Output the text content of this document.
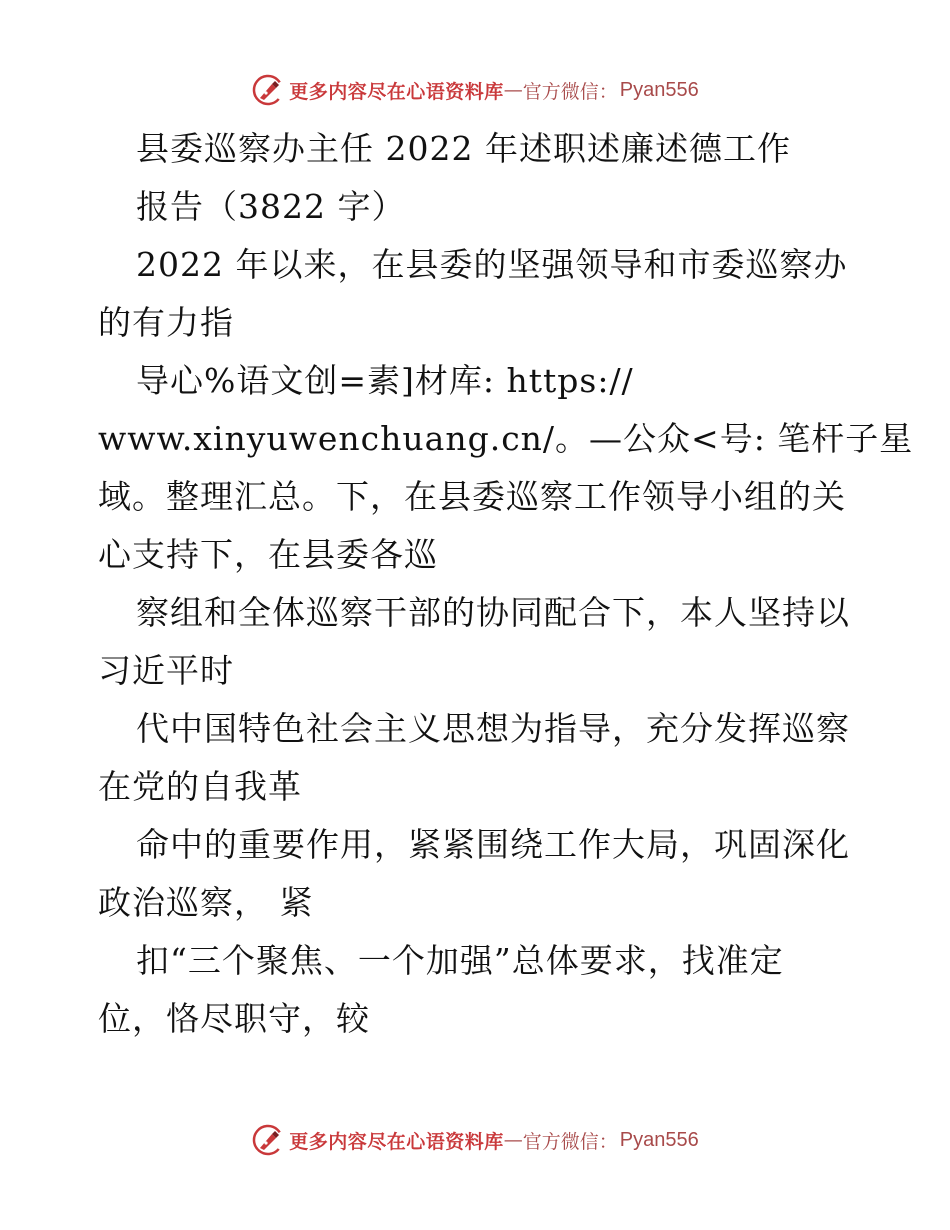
更多内容尽在心语资料库 — 官方微信： Pyan556

县委巡察办主任 2022 年述职述廉述德工作

报告（3822 字）

2022 年以来，在县委的坚强领导和市委巡察办

的有力指

导心%语文创=素]材库: https://

www.xinyuwenchuang.cn/。—公众<号: 笔杆子星

域。整理汇总。下，在县委巡察工作领导小组的关

心支持下，在县委各巡

察组和全体巡察干部的协同配合下，本人坚持以

习近平时

代中国特色社会主义思想为指导，充分发挥巡察

在党的自我革

命中的重要作用，紧紧围绕工作大局，巩固深化

政治巡察， 紧

扣“三个聚焦、一个加强”总体要求，找准定

位，恪尽职守，较

更多内容尽在心语资料库 — 官方微信： Pyan556
